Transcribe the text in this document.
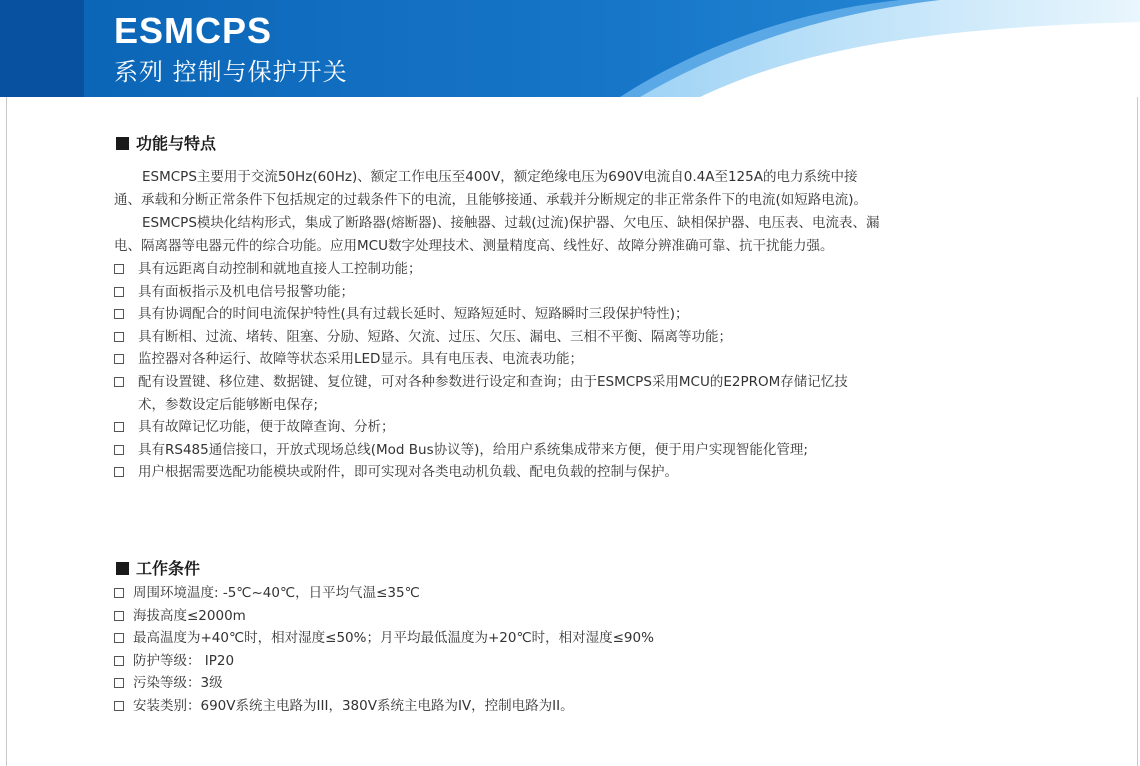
ESMCPS
系列 控制与保护开关
功能与特点
ESMCPS主要用于交流50Hz(60Hz)、额定工作电压至400V，额定绝缘电压为690V电流自0.4A至125A的电力系统中接
通、承载和分断正常条件下包括规定的过载条件下的电流，且能够接通、承载并分断规定的非正常条件下的电流(如短路电流)。
ESMCPS模块化结构形式，集成了断路器(熔断器)、接触器、过载(过流)保护器、欠电压、缺相保护器、电压表、电流表、漏
电、隔离器等电器元件的综合功能。应用MCU数字处理技术、测量精度高、线性好、故障分辨准确可靠、抗干扰能力强。
具有远距离自动控制和就地直接人工控制功能；
具有面板指示及机电信号报警功能；
具有协调配合的时间电流保护特性(具有过载长延时、短路短延时、短路瞬时三段保护特性)；
具有断相、过流、堵转、阻塞、分励、短路、欠流、过压、欠压、漏电、三相不平衡、隔离等功能；
监控器对各种运行、故障等状态采用LED显示。具有电压表、电流表功能；
配有设置键、移位建、数据键、复位键，可对各种参数进行设定和查询；由于ESMCPS采用MCU的E2PROM存储记忆技
术，参数设定后能够断电保存;
具有故障记忆功能，便于故障查询、分析；
具有RS485通信接口，开放式现场总线(Mod Bus协议等)，给用户系统集成带来方便，便于用户实现智能化管理;
用户根据需要选配功能模块或附件，即可实现对各类电动机负载、配电负载的控制与保护。
工作条件
周围环境温度: -5℃~40℃，日平均气温≤35℃
海拔高度≤2000m
最高温度为+40℃时，相对湿度≤50%；月平均最低温度为+20℃时，相对湿度≤90%
防护等级： IP20
污染等级：3级
安装类别：690V系统主电路为III，380V系统主电路为IV，控制电路为II。
